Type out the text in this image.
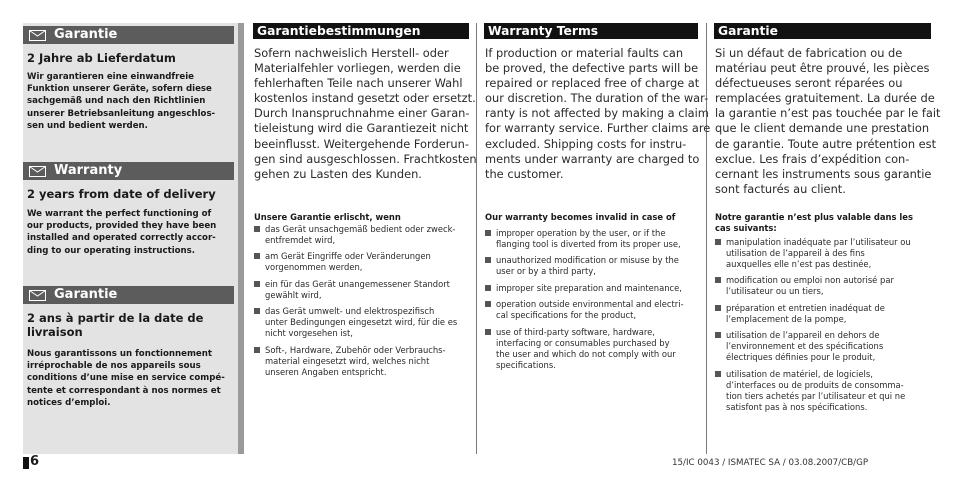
Garantie
2 Jahre ab Lieferdatum
Wir garantieren eine einwandfreie
Funktion unserer Geräte, sofern diese
sachgemäß und nach den Richtlinien
unserer Betriebsanleitung angeschlos-
sen und bedient werden.
Warranty
2 years from date of delivery
We warrant the perfect functioning of
our products, provided they have been
installed and operated correctly accor-
ding to our operating instructions.
Garantie
2 ans à partir de la date de
livraison
Nous garantissons un fonctionnement
irréprochable de nos appareils sous
conditions d’une mise en service compé-
tente et correspondant à nos normes et
notices d’emploi.
Garantiebestimmungen
Sofern nachweislich Herstell- oder
Materialfehler vorliegen, werden die
fehlerhaften Teile nach unserer Wahl
kostenlos instand gesetzt oder ersetzt.
Durch Inanspruchnahme einer Garan-
tieleistung wird die Garantiezeit nicht
beeinflusst. Weitergehende Forderun-
gen sind ausgeschlossen. Frachtkosten
gehen zu Lasten des Kunden.
Unsere Garantie erlischt, wenn
das Gerät unsachgemäß bedient oder zweck-
entfremdet wird,
am Gerät Eingriffe oder Veränderungen
vorgenommen werden,
ein für das Gerät unangemessener Standort
gewählt wird,
das Gerät umwelt- und elektrospezifisch
unter Bedingungen eingesetzt wird, für die es
nicht vorgesehen ist,
Soft-, Hardware, Zubehör oder Verbrauchs-
material eingesetzt wird, welches nicht
unseren Angaben entspricht.
Warranty Terms
If production or material faults can
be proved, the defective parts will be
repaired or replaced free of charge at
our discretion. The duration of the war-
ranty is not affected by making a claim
for warranty service. Further claims are
excluded. Shipping costs for instru-
ments under warranty are charged to
the customer.
Our warranty becomes invalid in case of
improper operation by the user, or if the
flanging tool is diverted from its proper use,
unauthorized modification or misuse by the
user or by a third party,
improper site preparation and maintenance,
operation outside environmental and electri-
cal specifications for the product,
use of third-party software, hardware,
interfacing or consumables purchased by
the user and which do not comply with our
specifications.
Garantie
Si un défaut de fabrication ou de
matériau peut être prouvé, les pièces
défectueuses seront réparées ou
remplacées gratuitement. La durée de
la garantie n’est pas touchée par le fait
que le client demande une prestation
de garantie. Toute autre prétention est
exclue. Les frais d’expédition con-
cernant les instruments sous garantie
sont facturés au client.
Notre garantie n’est plus valable dans les
cas suivants:
manipulation inadéquate par l’utilisateur ou
utilisation de l’appareil à des fins
auxquelles elle n’est pas destinée,
modification ou emploi non autorisé par
l’utilisateur ou un tiers,
préparation et entretien inadéquat de
l’emplacement de la pompe,
utilisation de l’appareil en dehors de
l’environnement et des spécifications
électriques définies pour le produit,
utilisation de matériel, de logiciels,
d’interfaces ou de produits de consomma-
tion tiers achetés par l’utilisateur et qui ne
satisfont pas à nos spécifications.
6	15/IC 0043 / ISMATEC SA / 03.08.2007/CB/GP
